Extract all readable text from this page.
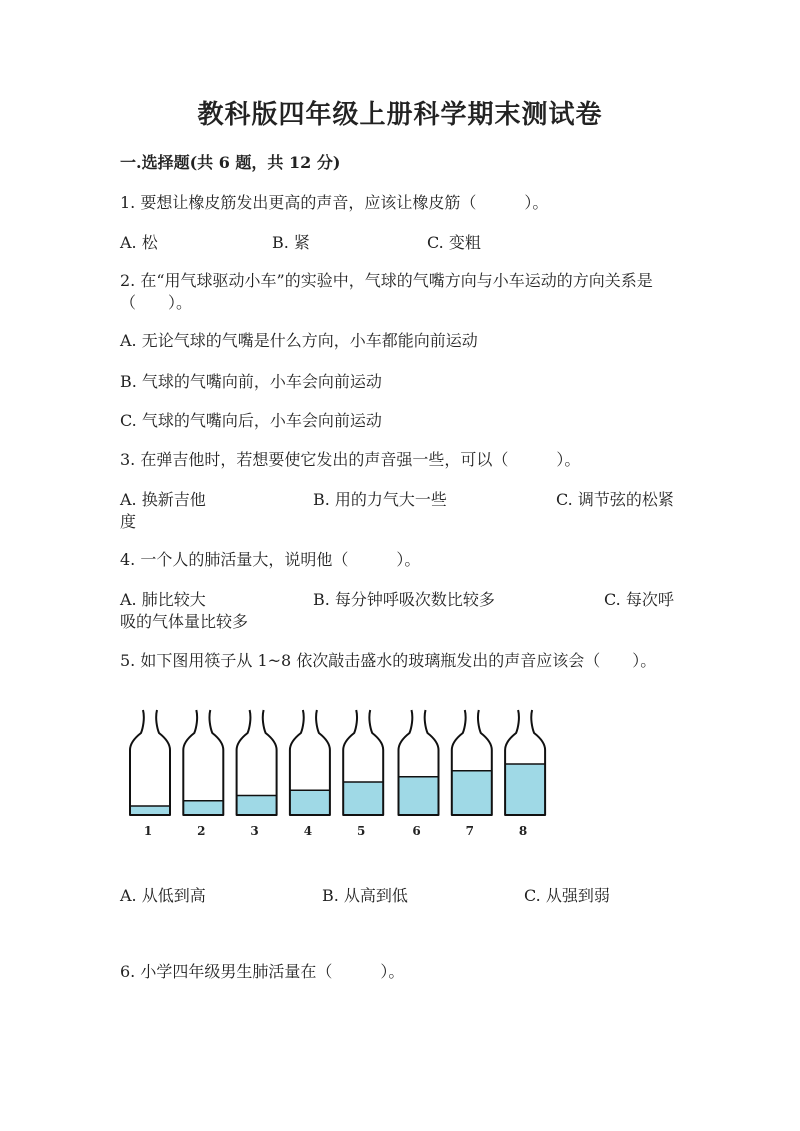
教科版四年级上册科学期末测试卷
一.选择题(共 6 题，共 12 分)
1. 要想让橡皮筋发出更高的声音，应该让橡皮筋（　　　）。
A. 松	B. 紧	C. 变粗
2. 在“用气球驱动小车”的实验中，气球的气嘴方向与小车运动的方向关系是
（　　）。
A. 无论气球的气嘴是什么方向，小车都能向前运动
B. 气球的气嘴向前，小车会向前运动
C. 气球的气嘴向后，小车会向前运动
3. 在弹吉他时，若想要使它发出的声音强一些，可以（　　　）。
A. 换新吉他	B. 用的力气大一些	C. 调节弦的松紧
度
4. 一个人的肺活量大，说明他（　　　）。
A. 肺比较大	B. 每分钟呼吸次数比较多	C. 每次呼
吸的气体量比较多
5. 如下图用筷子从 1~8 依次敲击盛水的玻璃瓶发出的声音应该会（　　）。
1	2	3	4	5	6	7	8
A. 从低到高	B. 从高到低	C. 从强到弱
6. 小学四年级男生肺活量在（　　　）。
